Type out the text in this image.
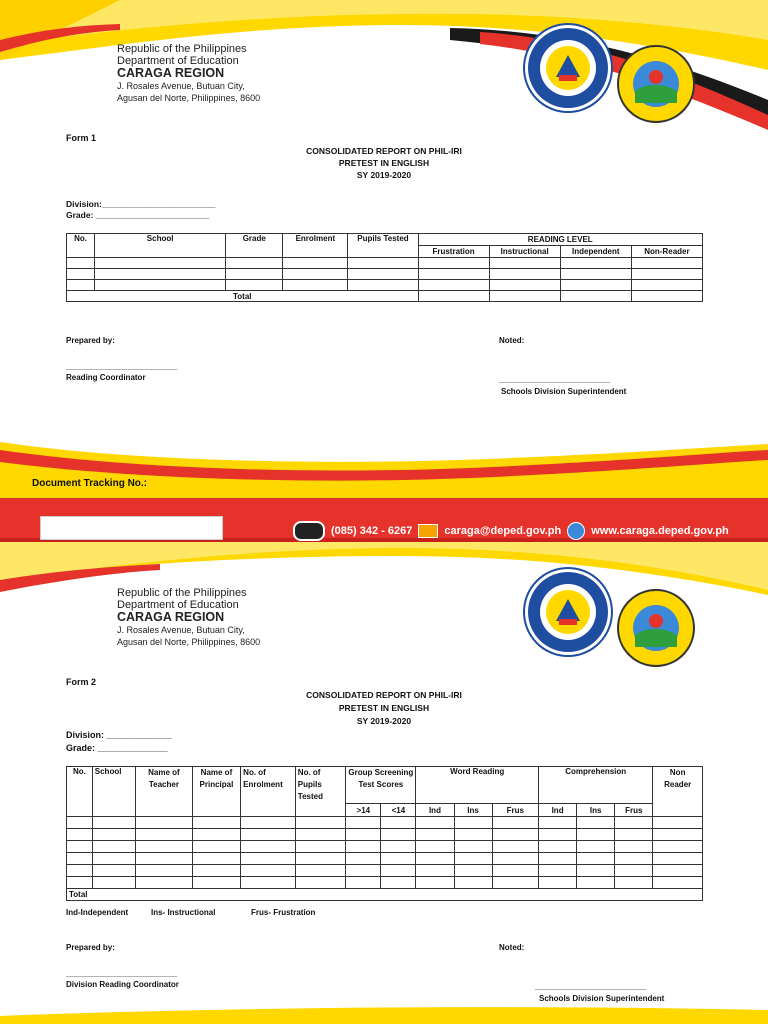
Republic of the Philippines
Department of Education
CARAGA REGION
J. Rosales Avenue, Butuan City,
Agusan del Norte, Philippines, 8600
Form 1
CONSOLIDATED REPORT ON PHIL-IRI
PRETEST IN ENGLISH
SY 2019-2020
Division:________________________
Grade: ________________________
No.	School	Grade	Enrolment	Pupils Tested	READING LEVEL			
					Frustration	Instructional	Independent	Non-Reader

Total								
Prepared by:
_________________________
Reading Coordinator
Noted:
_________________________
Schools Division Superintendent
Document Tracking No.:
(085) 342 - 6267	caraga@deped.gov.ph	www.caraga.deped.gov.ph
Republic of the Philippines
Department of Education
CARAGA REGION
J. Rosales Avenue, Butuan City,
Agusan del Norte, Philippines, 8600
Form 2
CONSOLIDATED REPORT ON PHIL-IRI
PRETEST IN ENGLISH
SY 2019-2020
Division: _____________
Grade: ______________
No.	School	Name of Teacher	Name of Principal	No. of Enrolment	No. of Pupils Tested	Group Screening Test Scores		Word Reading			Comprehension			Non Reader
						>14	<14	Ind	Ins	Frus	Ind	Ins	Frus	

Total														
Ind-Independent	Ins- Instructional	Frus- Frustration
Prepared by:
_________________________
Division Reading Coordinator
Noted:
_________________________
Schools Division Superintendent
